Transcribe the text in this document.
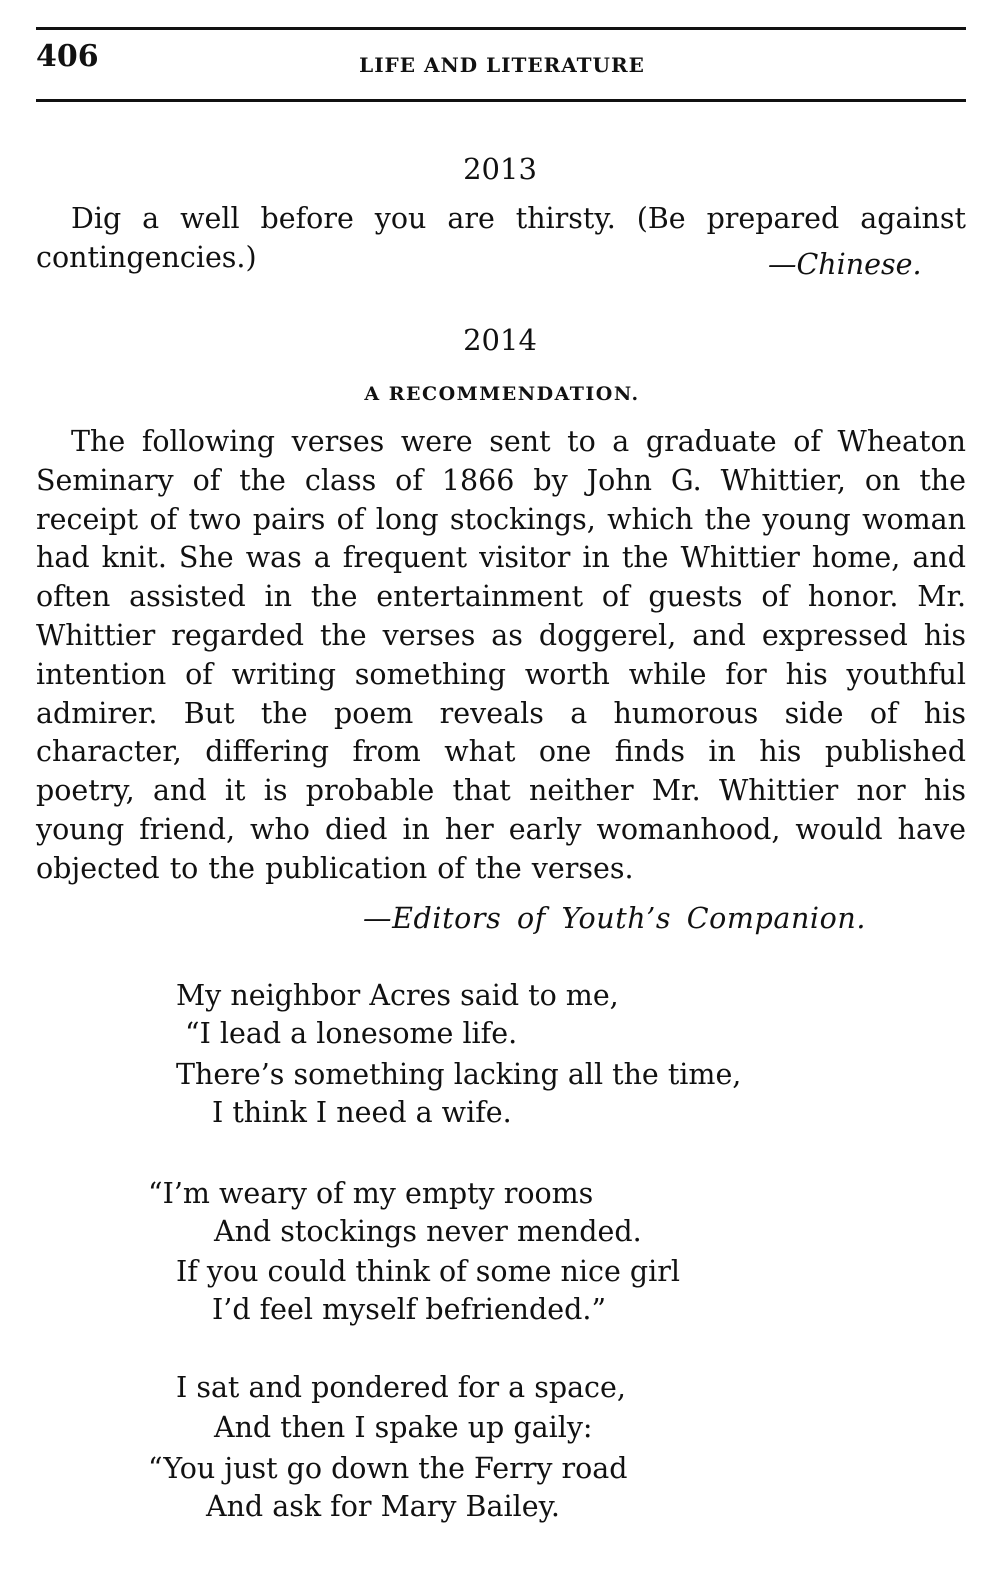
406	LIFE AND LITERATURE
2013
Dig a well before you are thirsty. (Be prepared against contingencies.)	—Chinese.
2014
A RECOMMENDATION.
The following verses were sent to a graduate of Wheaton Seminary of the class of 1866 by John G. Whittier, on the receipt of two pairs of long stockings, which the young woman had knit. She was a frequent visitor in the Whittier home, and often assisted in the entertainment of guests of honor. Mr. Whittier regarded the verses as doggerel, and expressed his intention of writing something worth while for his youthful admirer. But the poem reveals a humorous side of his character, differing from what one finds in his published poetry, and it is probable that neither Mr. Whittier nor his young friend, who died in her early womanhood, would have objected to the publication of the verses.
—Editors of Youth’s Companion.
My neighbor Acres said to me,
“I lead a lonesome life.
There’s something lacking all the time,
I think I need a wife.
“I’m weary of my empty rooms
And stockings never mended.
If you could think of some nice girl
I’d feel myself befriended.”
I sat and pondered for a space,
And then I spake up gaily:
“You just go down the Ferry road
And ask for Mary Bailey.
